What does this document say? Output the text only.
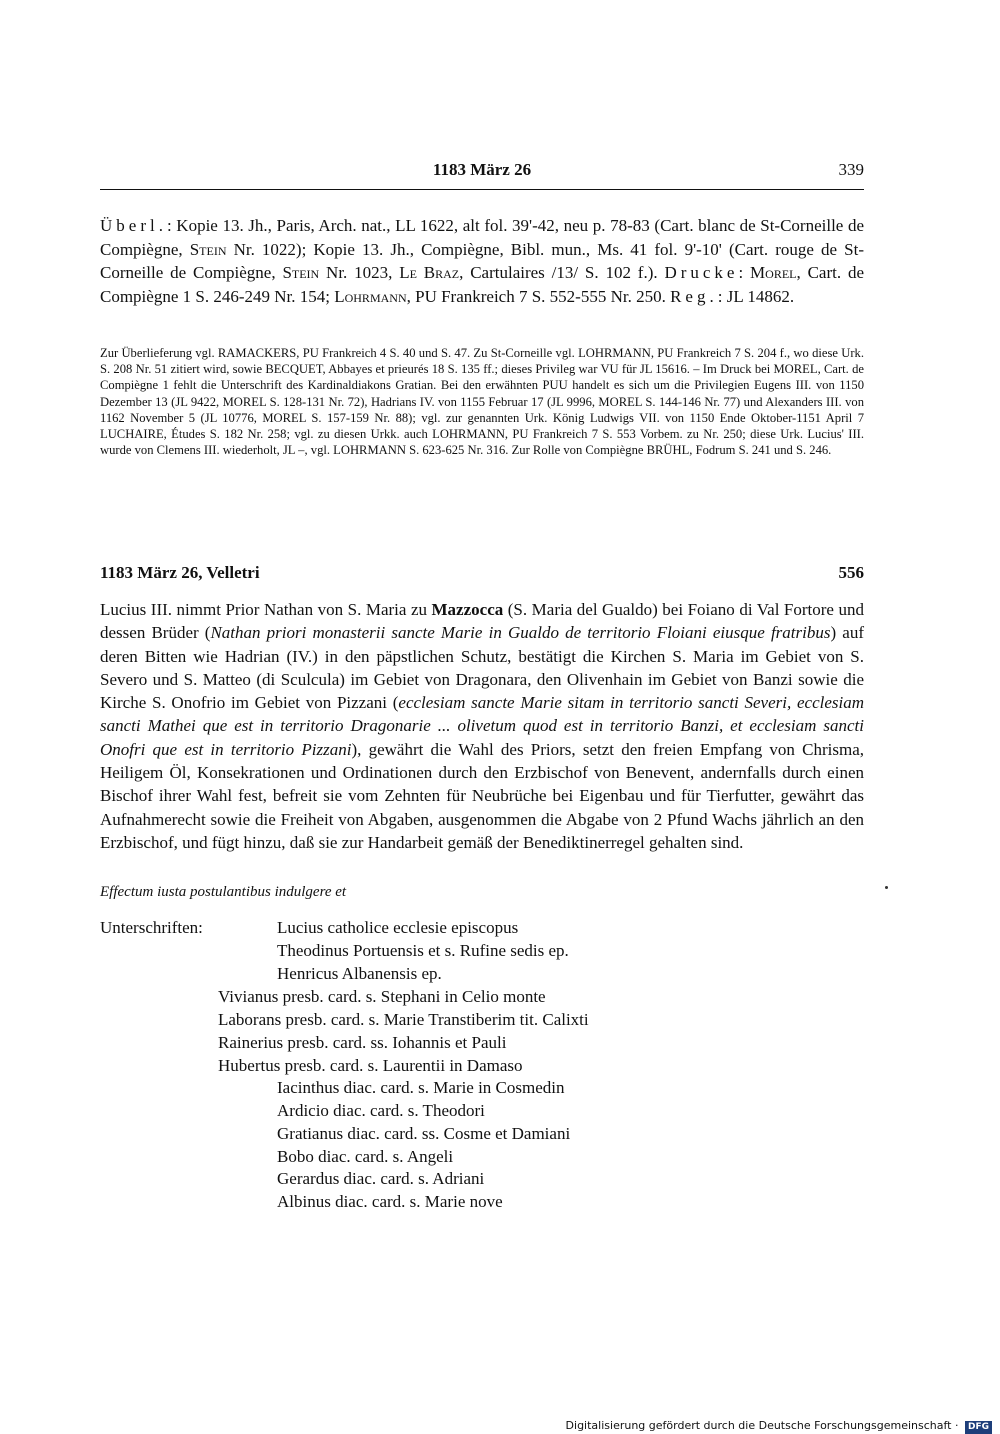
1183 März 26	339
Überl.: Kopie 13. Jh., Paris, Arch. nat., LL 1622, alt fol. 39'-42, neu p. 78-83 (Cart. blanc de St-Corneille de Compiègne, Stein Nr. 1022); Kopie 13. Jh., Compiègne, Bibl. mun., Ms. 41 fol. 9'-10' (Cart. rouge de St-Corneille de Compiègne, Stein Nr. 1023, Le Braz, Cartulaires /13/ S. 102 f.). Drucke: Morel, Cart. de Compiègne 1 S. 246-249 Nr. 154; Lohrmann, PU Frankreich 7 S. 552-555 Nr. 250. Reg.: JL 14862.
Zur Überlieferung vgl. RAMACKERS, PU Frankreich 4 S. 40 und S. 47. Zu St-Corneille vgl. LOHRMANN, PU Frankreich 7 S. 204 f., wo diese Urk. S. 208 Nr. 51 zitiert wird, sowie BECQUET, Abbayes et prieurés 18 S. 135 ff.; dieses Privileg war VU für JL 15616. – Im Druck bei MOREL, Cart. de Compiègne 1 fehlt die Unterschrift des Kardinaldiakons Gratian. Bei den erwähnten PUU handelt es sich um die Privilegien Eugens III. von 1150 Dezember 13 (JL 9422, MOREL S. 128-131 Nr. 72), Hadrians IV. von 1155 Februar 17 (JL 9996, MOREL S. 144-146 Nr. 77) und Alexanders III. von 1162 November 5 (JL 10776, MOREL S. 157-159 Nr. 88); vgl. zur genannten Urk. König Ludwigs VII. von 1150 Ende Oktober-1151 April 7 LUCHAIRE, Études S. 182 Nr. 258; vgl. zu diesen Urkk. auch LOHRMANN, PU Frankreich 7 S. 553 Vorbem. zu Nr. 250; diese Urk. Lucius' III. wurde von Clemens III. wiederholt, JL –, vgl. LOHRMANN S. 623-625 Nr. 316. Zur Rolle von Compiègne BRÜHL, Fodrum S. 241 und S. 246.
1183 März 26, Velletri	556
Lucius III. nimmt Prior Nathan von S. Maria zu Mazzocca (S. Maria del Gualdo) bei Foiano di Val Fortore und dessen Brüder (Nathan priori monasterii sancte Marie in Gualdo de territorio Floiani eiusque fratribus) auf deren Bitten wie Hadrian (IV.) in den päpstlichen Schutz, bestätigt die Kirchen S. Maria im Gebiet von S. Severo und S. Matteo (di Sculcula) im Gebiet von Dragonara, den Olivenhain im Gebiet von Banzi sowie die Kirche S. Onofrio im Gebiet von Pizzani (ecclesiam sancte Marie sitam in territorio sancti Severi, ecclesiam sancti Mathei que est in territorio Dragonarie ... olivetum quod est in territorio Banzi, et ecclesiam sancti Onofri que est in territorio Pizzani), gewährt die Wahl des Priors, setzt den freien Empfang von Chrisma, Heiligem Öl, Konsekrationen und Ordinationen durch den Erzbischof von Benevent, andernfalls durch einen Bischof ihrer Wahl fest, befreit sie vom Zehnten für Neubrüche bei Eigenbau und für Tierfutter, gewährt das Aufnahmerecht sowie die Freiheit von Abgaben, ausgenommen die Abgabe von 2 Pfund Wachs jährlich an den Erzbischof, und fügt hinzu, daß sie zur Handarbeit gemäß der Benediktinerregel gehalten sind.
Effectum iusta postulantibus indulgere et
Unterschriften:	Lucius catholice ecclesie episcopus
Theodinus Portuensis et s. Rufine sedis ep.
Henricus Albanensis ep.
Vivianus presb. card. s. Stephani in Celio monte
Laborans presb. card. s. Marie Transtiberim tit. Calixti
Rainerius presb. card. ss. Iohannis et Pauli
Hubertus presb. card. s. Laurentii in Damaso
Iacinthus diac. card. s. Marie in Cosmedin
Ardicio diac. card. s. Theodori
Gratianus diac. card. ss. Cosme et Damiani
Bobo diac. card. s. Angeli
Gerardus diac. card. s. Adriani
Albinus diac. card. s. Marie nove
Digitalisierung gefördert durch die Deutsche Forschungsgemeinschaft · DFG
